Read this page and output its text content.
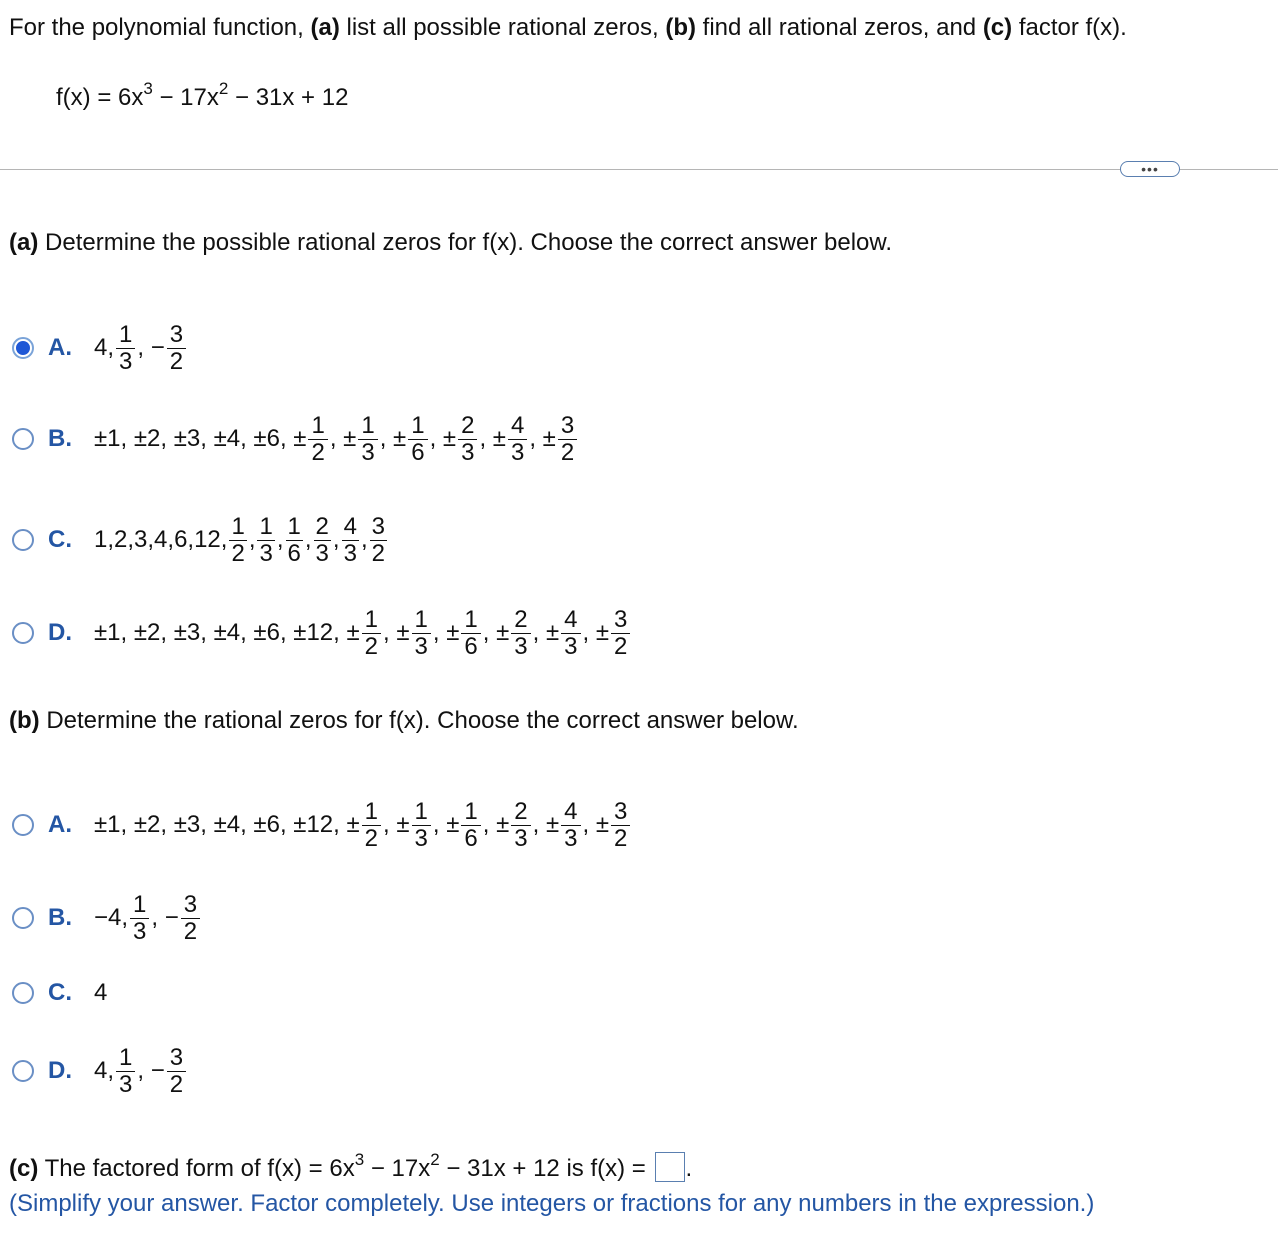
For the polynomial function, (a) list all possible rational zeros, (b) find all rational zeros, and (c) factor f(x).
$f(x) = 6x^3 - 17x^2 - 31x + 12$
•••
(a) Determine the possible rational zeros for f(x). Choose the correct answer below.
A. 4, $\frac{1}{3}$ , − $\frac{3}{2}$
B. ±1, ±2, ±3, ±4, ±6, ± $\frac{1}{2}$ , ± $\frac{1}{3}$ , ± $\frac{1}{6}$ , ± $\frac{2}{3}$ , ± $\frac{4}{3}$ , ± $\frac{3}{2}$
C. 1,2,3,4,6,12, $\frac{1}{2}$ , $\frac{1}{3}$ , $\frac{1}{6}$ , $\frac{2}{3}$ , $\frac{4}{3}$ , $\frac{3}{2}$
D. ±1, ±2, ±3, ±4, ±6, ±12, ± $\frac{1}{2}$ , ± $\frac{1}{3}$ , ± $\frac{1}{6}$ , ± $\frac{2}{3}$ , ± $\frac{4}{3}$ , ± $\frac{3}{2}$
(b) Determine the rational zeros for f(x). Choose the correct answer below.
A. ±1, ±2, ±3, ±4, ±6, ±12, ± $\frac{1}{2}$ , ± $\frac{1}{3}$ , ± $\frac{1}{6}$ , ± $\frac{2}{3}$ , ± $\frac{4}{3}$ , ± $\frac{3}{2}$
B. −4, $\frac{1}{3}$ , − $\frac{3}{2}$
C. 4
D. 4, $\frac{1}{3}$ , − $\frac{3}{2}$
(c) The factored form of $f(x) = 6x^3 - 17x^2 - 31x + 12$ is f(x) = .
(Simplify your answer. Factor completely. Use integers or fractions for any numbers in the expression.)
